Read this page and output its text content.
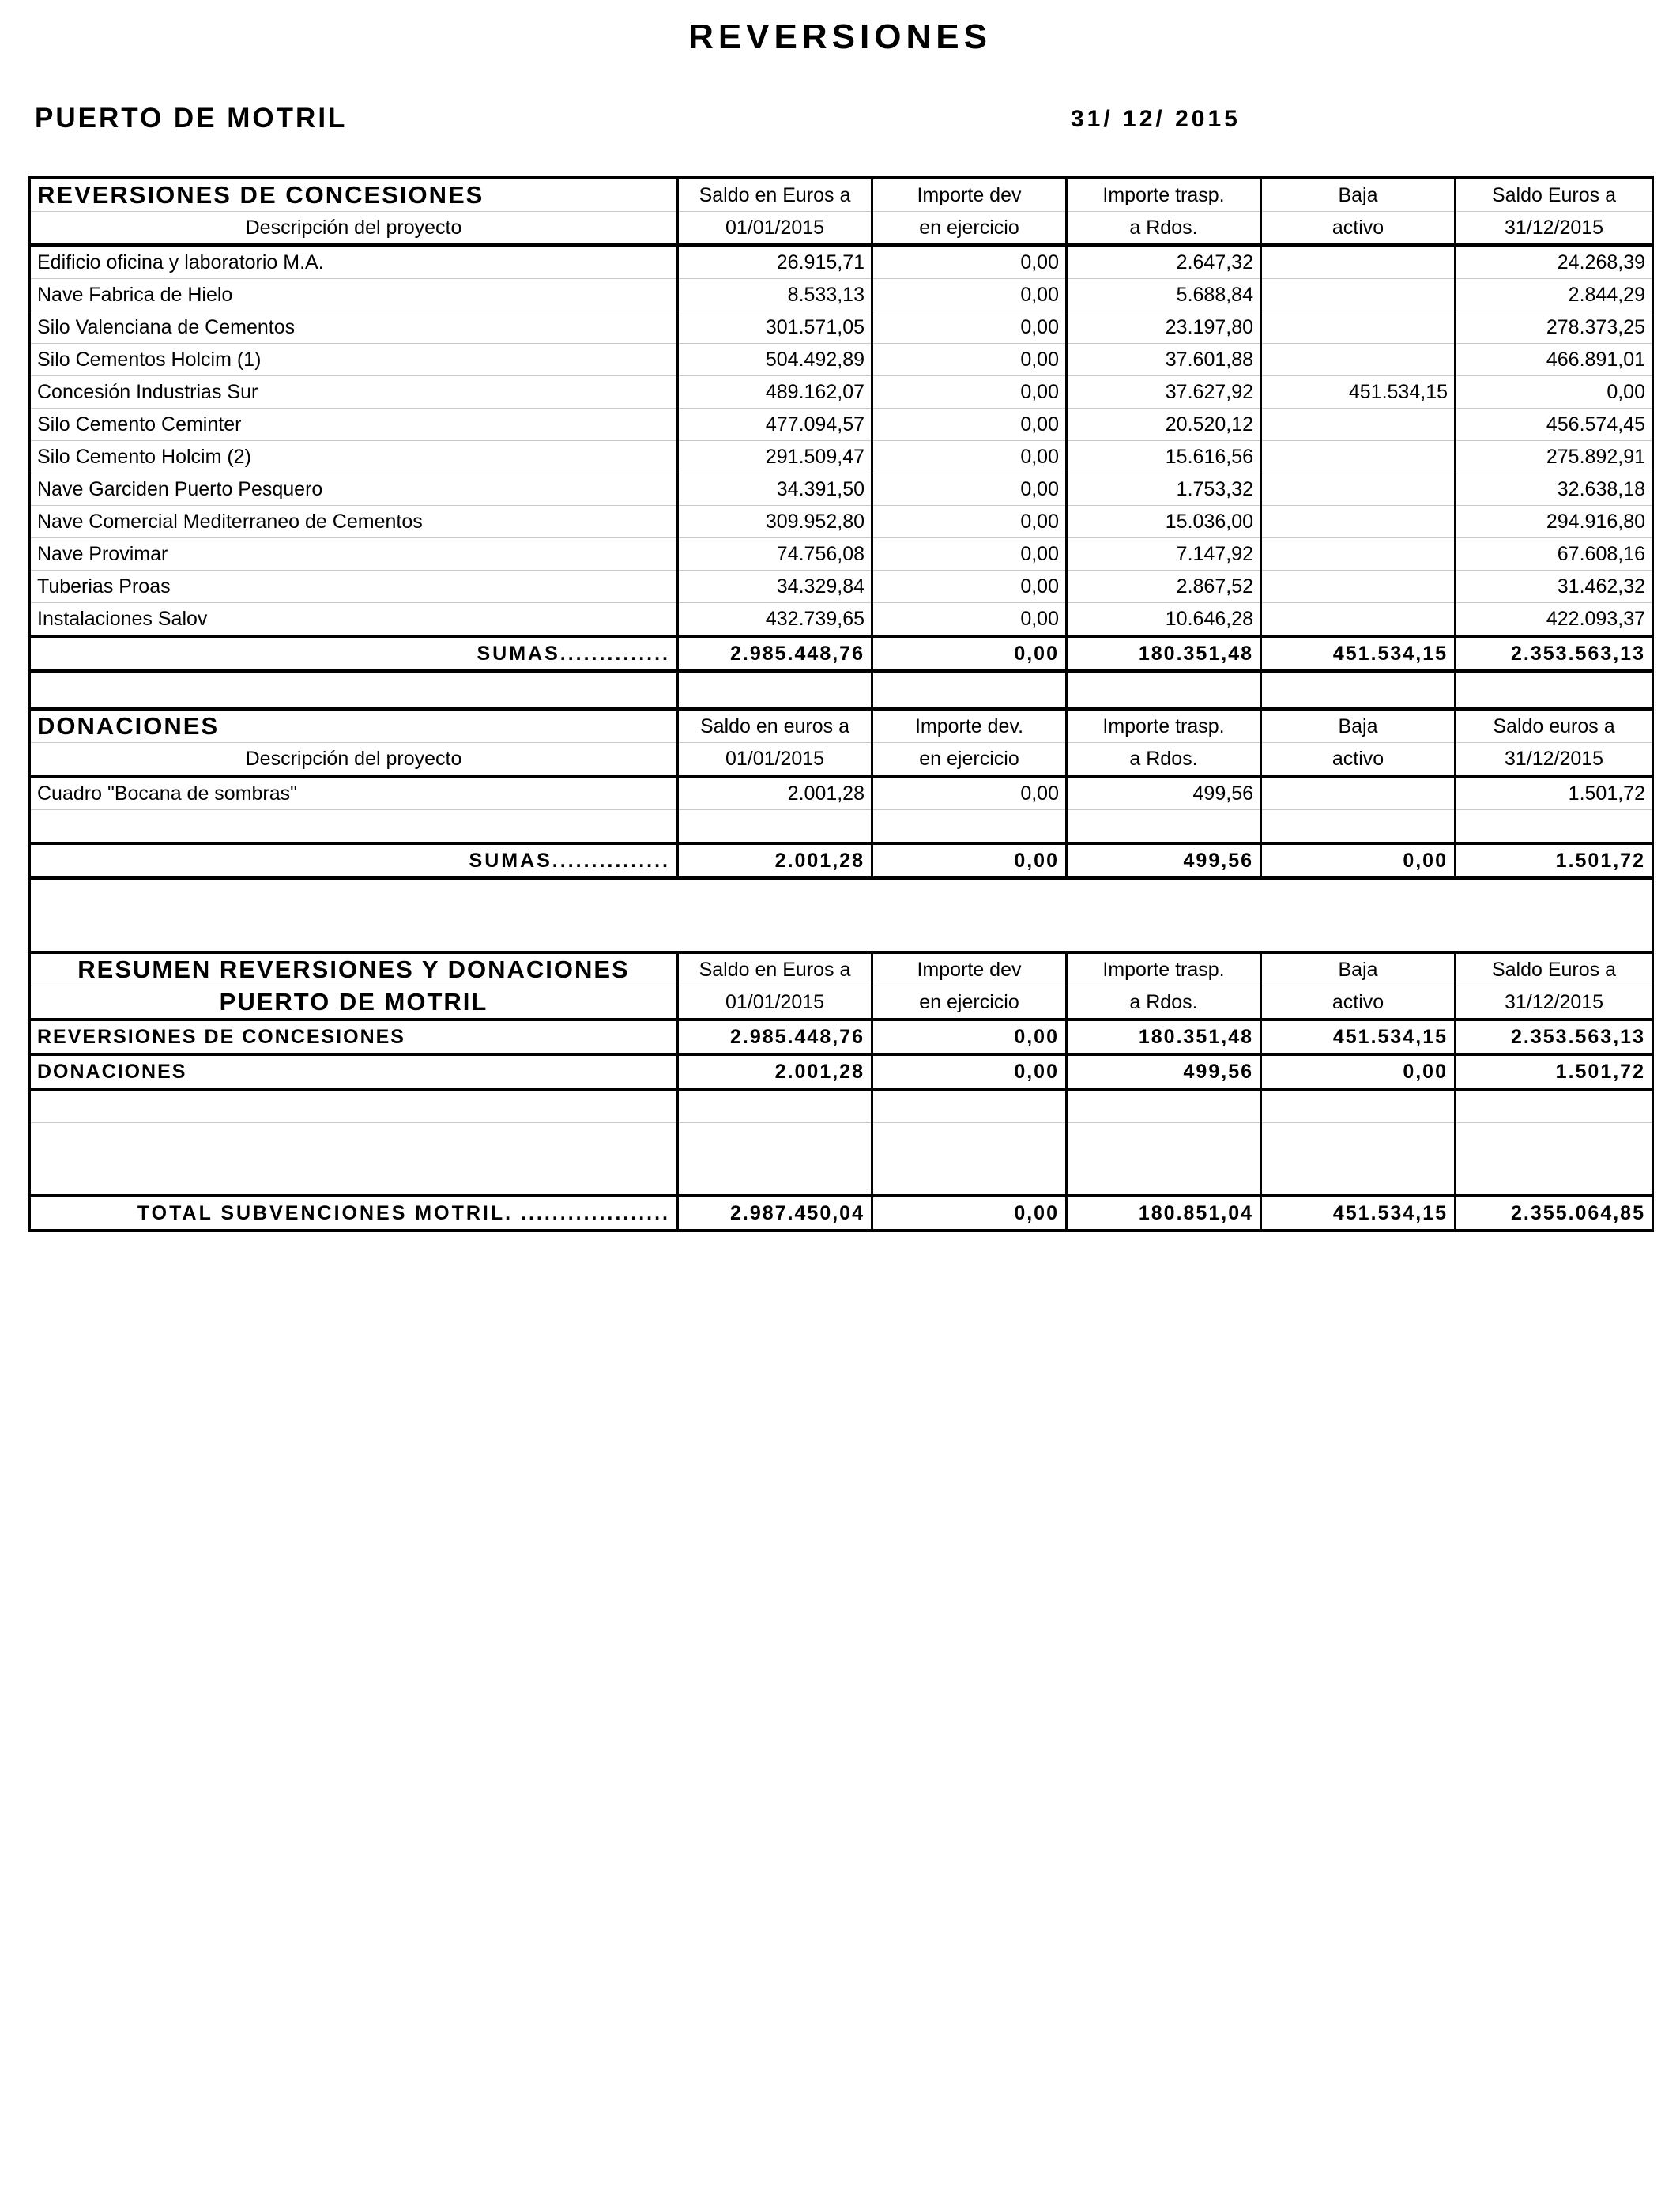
REVERSIONES
PUERTO DE MOTRIL	31/ 12/ 2015
REVERSIONES DE CONCESIONES	Saldo en Euros a	Importe dev	Importe trasp.	Baja	Saldo Euros a
Descripción del proyecto	01/01/2015	en ejercicio	a Rdos.	activo	31/12/2015
Edificio oficina y laboratorio M.A.	26.915,71	0,00	2.647,32		24.268,39
Nave Fabrica de Hielo	8.533,13	0,00	5.688,84		2.844,29
Silo Valenciana de Cementos	301.571,05	0,00	23.197,80		278.373,25
Silo Cementos Holcim (1)	504.492,89	0,00	37.601,88		466.891,01
Concesión Industrias Sur	489.162,07	0,00	37.627,92	451.534,15	0,00
Silo Cemento Ceminter	477.094,57	0,00	20.520,12		456.574,45
Silo Cemento Holcim (2)	291.509,47	0,00	15.616,56		275.892,91
Nave Garciden Puerto Pesquero	34.391,50	0,00	1.753,32		32.638,18
Nave Comercial Mediterraneo de Cementos	309.952,80	0,00	15.036,00		294.916,80
Nave Provimar	74.756,08	0,00	7.147,92		67.608,16
Tuberias Proas	34.329,84	0,00	2.867,52		31.462,32
Instalaciones Salov	432.739,65	0,00	10.646,28		422.093,37
SUMAS..............	2.985.448,76	0,00	180.351,48	451.534,15	2.353.563,13

DONACIONES	Saldo en euros a	Importe dev.	Importe trasp.	Baja	Saldo euros a
Descripción del proyecto	01/01/2015	en ejercicio	a Rdos.	activo	31/12/2015
Cuadro "Bocana de sombras"	2.001,28	0,00	499,56		1.501,72

SUMAS...............	2.001,28	0,00	499,56	0,00	1.501,72

RESUMEN REVERSIONES Y DONACIONES	Saldo en Euros a	Importe dev	Importe trasp.	Baja	Saldo Euros a
PUERTO DE MOTRIL	01/01/2015	en ejercicio	a Rdos.	activo	31/12/2015
REVERSIONES DE CONCESIONES	2.985.448,76	0,00	180.351,48	451.534,15	2.353.563,13
DONACIONES	2.001,28	0,00	499,56	0,00	1.501,72

TOTAL SUBVENCIONES MOTRIL. ...................	2.987.450,04	0,00	180.851,04	451.534,15	2.355.064,85
